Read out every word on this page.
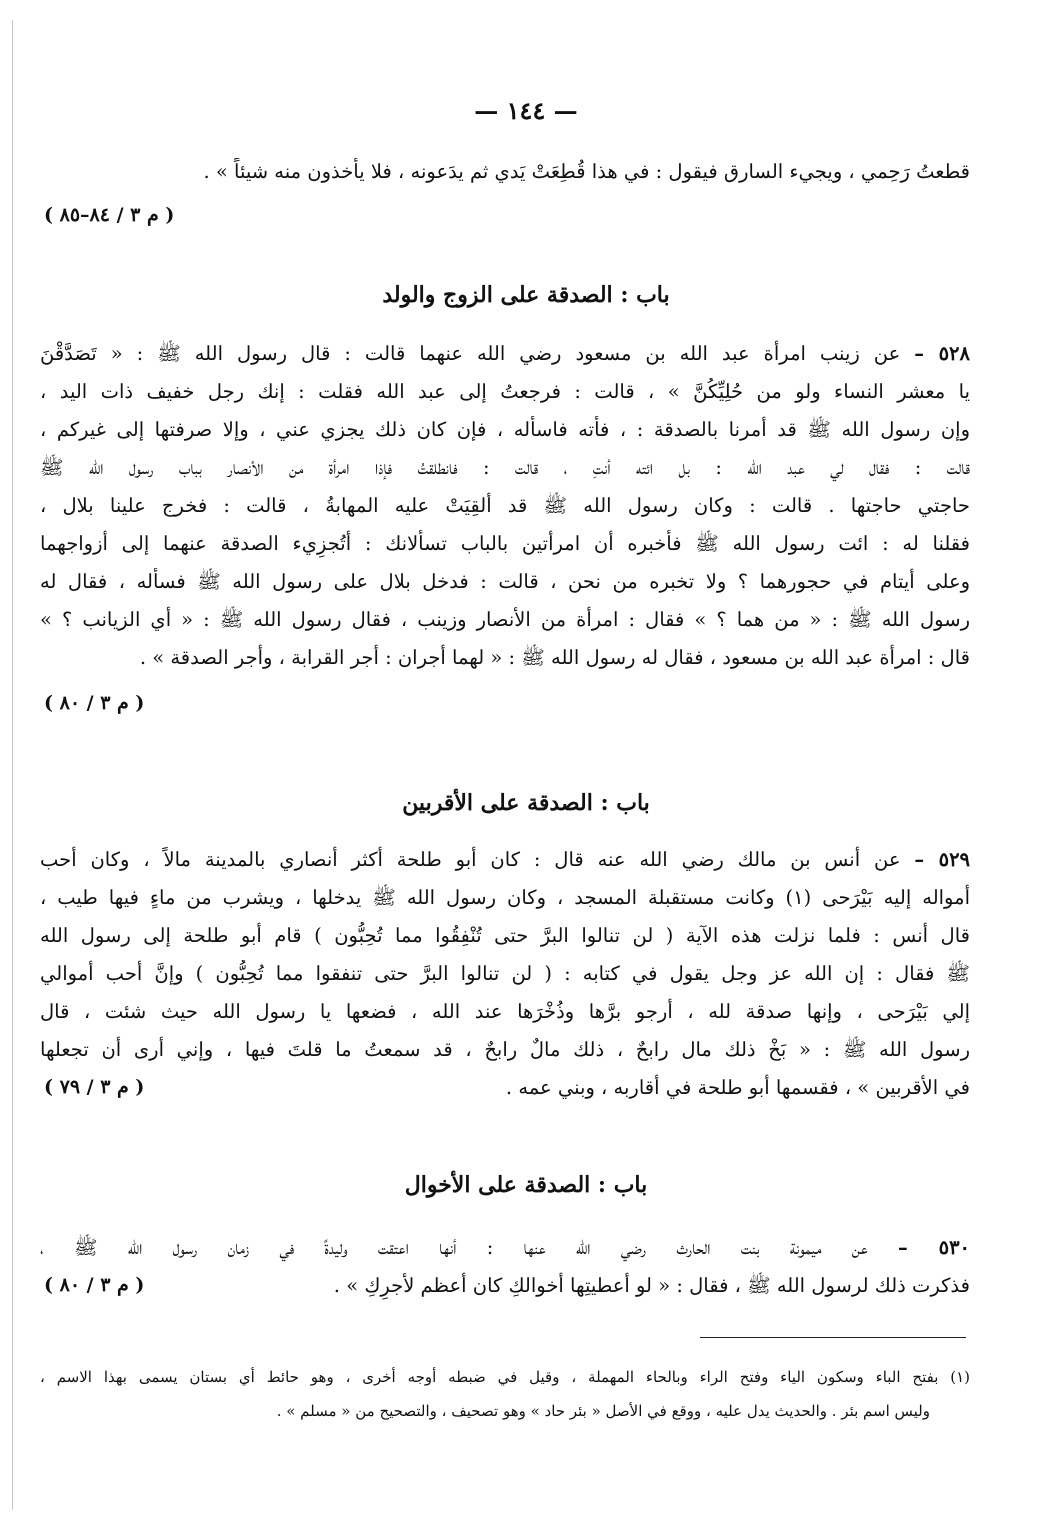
— ١٤٤ —
قطعتُ رَحِمي ، ويجيء السارق فيقول : في هذا قُطِعَتْ يَدي ثم يدَعونه ، فلا يأخذون منه شيئاً » .
( م ٣ / ٨٤–٨٥ )
باب : الصدقة على الزوج والولد
٥٢٨ – عن زينب امرأة عبد الله بن مسعود رضي الله عنهما قالت : قال رسول الله ﷺ : « تَصَدَّقْنَ
يا معشر النساء ولو من حُلِيِّكُنَّ » ، قالت : فرجعتُ إلى عبد الله فقلت : إنك رجل خفيف ذات اليد ،
وإن رسول الله ﷺ قد أمرنا بالصدقة : ، فأته فاسأله ، فإن كان ذلك يجزي عني ، وإلا صرفتها إلى غيركم ،
قالت : فقال لي عبد الله : بل ائته أنتِ ، قالت : فانطلقتُ فإذا امرأة من الأنصار بباب رسول الله ﷺ
حاجتي حاجتها . قالت : وكان رسول الله ﷺ قد أُلقِيَتْ عليه المهابةُ ، قالت : فخرج علينا بلال ،
فقلنا له : ائت رسول الله ﷺ فأخبره أن امرأتين بالباب تسألانك : أتُجزِيء الصدقة عنهما إلى أزواجهما
وعلى أيتام في حجورهما ؟ ولا تخبره من نحن ، قالت : فدخل بلال على رسول الله ﷺ فسأله ، فقال له
رسول الله ﷺ : « من هما ؟ » فقال : امرأة من الأنصار وزينب ، فقال رسول الله ﷺ : « أي الزيانب ؟ »
قال : امرأة عبد الله بن مسعود ، فقال له رسول الله ﷺ : « لهما أجران : أجر القرابة ، وأجر الصدقة » .
( م ٣ / ٨٠ )
باب : الصدقة على الأقربين
٥٢٩ – عن أنس بن مالك رضي الله عنه قال : كان أبو طلحة أكثر أنصاري بالمدينة مالاً ، وكان أحب
أمواله إليه بَيْرَحى (١) وكانت مستقبلة المسجد ، وكان رسول الله ﷺ يدخلها ، ويشرب من ماءٍ فيها طيب ،
قال أنس : فلما نزلت هذه الآية ( لن تنالوا البرَّ حتى تُنْفِقُوا مما تُحِبُّون ) قام أبو طلحة إلى رسول الله
ﷺ فقال : إن الله عز وجل يقول في كتابه : ( لن تنالوا البرَّ حتى تنفقوا مما تُحِبُّون ) وإنَّ أحب أموالي
إلي بَيْرَحى ، وإنها صدقة لله ، أرجو برَّها وذُخْرَها عند الله ، فضعها يا رسول الله حيث شئت ، قال
رسول الله ﷺ : « بَخْ ذلك مال رابحٌ ، ذلك مالٌ رابحٌ ، قد سمعتُ ما قلتَ فيها ، وإني أرى أن تجعلها
في الأقربين » ، فقسمها أبو طلحة في أقاربه ، وبني عمه .
( م ٣ / ٧٩ )
باب : الصدقة على الأخوال
٥٣٠ – عن ميمونة بنت الحارث رضي الله عنها : أنها اعتقت وليدةً في زمان رسول الله ﷺ ،
فذكرت ذلك لرسول الله ﷺ ، فقال : « لو أعطيتِها أخوالكِ كان أعظم لأجرِكِ » .
( م ٣ / ٨٠ )
(١) بفتح الباء وسكون الياء وفتح الراء وبالحاء المهملة ، وقيل في ضبطه أوجه أخرى ، وهو حائط أي بستان يسمى بهذا الاسم ،
وليس اسم بئر . والحديث يدل عليه ، ووقع في الأصل « بئر حاد » وهو تصحيف ، والتصحيح من « مسلم » .
